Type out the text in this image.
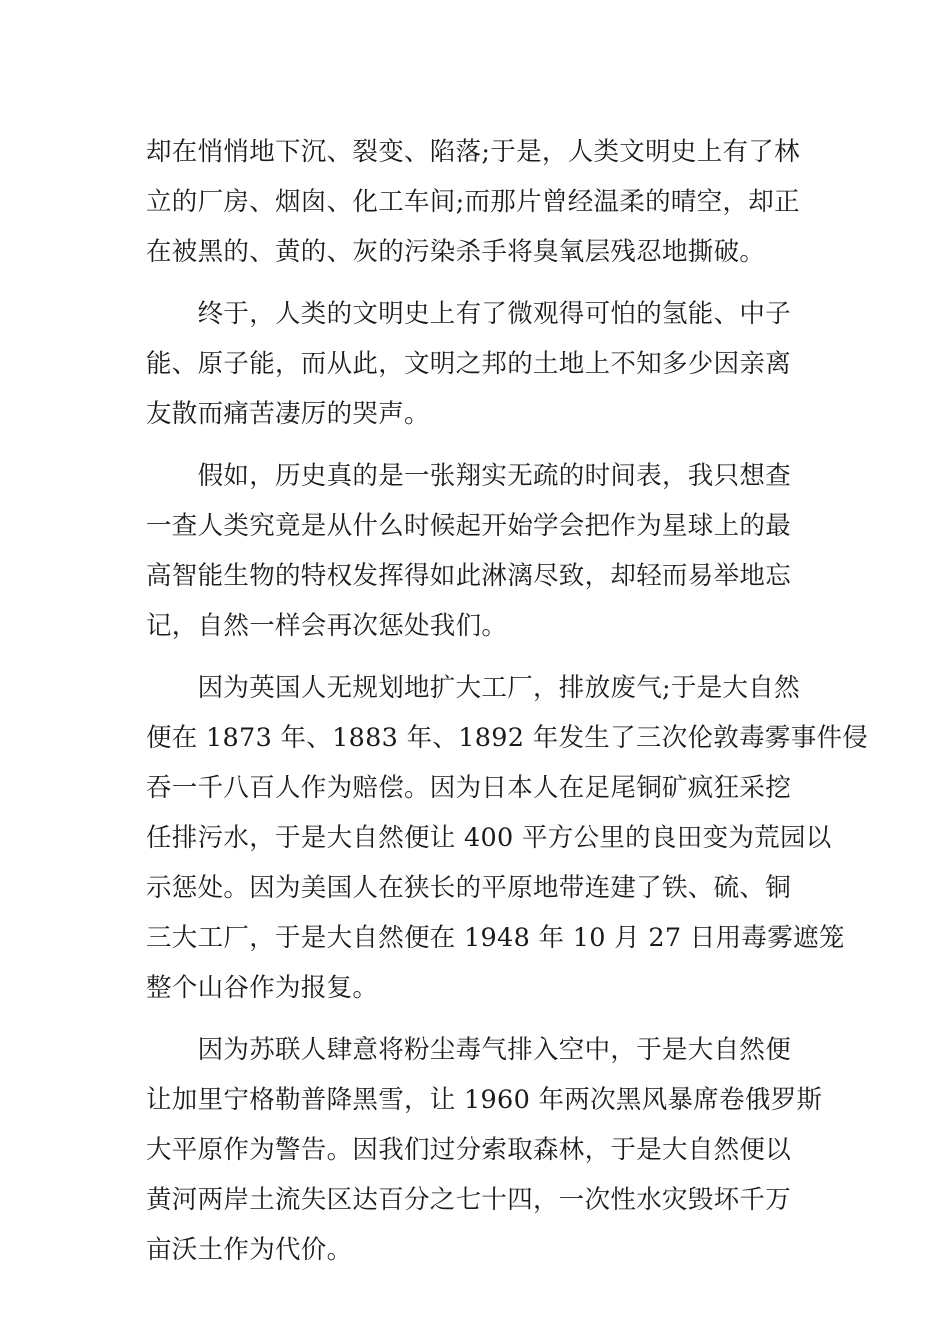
却在悄悄地下沉、裂变、陷落;于是，人类文明史上有了林
立的厂房、烟囱、化工车间;而那片曾经温柔的晴空，却正
在被黑的、黄的、灰的污染杀手将臭氧层残忍地撕破。

　　终于，人类的文明史上有了微观得可怕的氢能、中子
能、原子能，而从此，文明之邦的土地上不知多少因亲离
友散而痛苦凄厉的哭声。

　　假如，历史真的是一张翔实无疏的时间表，我只想查
一查人类究竟是从什么时候起开始学会把作为星球上的最
高智能生物的特权发挥得如此淋漓尽致，却轻而易举地忘
记，自然一样会再次惩处我们。

　　因为英国人无规划地扩大工厂，排放废气;于是大自然
便在 1873 年、1883 年、1892 年发生了三次伦敦毒雾事件侵
吞一千八百人作为赔偿。因为日本人在足尾铜矿疯狂采挖
任排污水，于是大自然便让 400 平方公里的良田变为荒园以
示惩处。因为美国人在狭长的平原地带连建了铁、硫、铜
三大工厂，于是大自然便在 1948 年 10 月 27 日用毒雾遮笼
整个山谷作为报复。

　　因为苏联人肆意将粉尘毒气排入空中，于是大自然便
让加里宁格勒普降黑雪，让 1960 年两次黑风暴席卷俄罗斯
大平原作为警告。因我们过分索取森林，于是大自然便以
黄河两岸土流失区达百分之七十四，一次性水灾毁坏千万
亩沃土作为代价。
